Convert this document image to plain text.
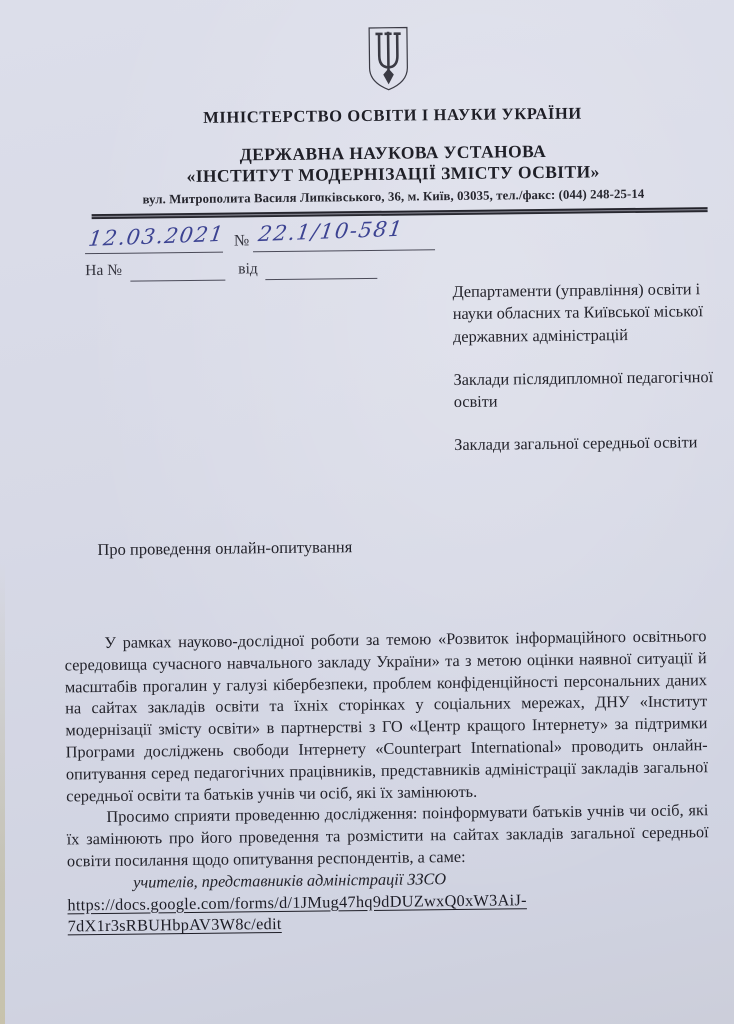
МІНІСТЕРСТВО ОСВІТИ І НАУКИ УКРАЇНИ
ДЕРЖАВНА НАУКОВА УСТАНОВА
«ІНСТИТУТ МОДЕРНІЗАЦІЇ ЗМІСТУ ОСВІТИ»
вул. Митрополита Василя Липківського, 36, м. Київ, 03035, тел./факс: (044) 248-25-14
12.03.2021 № 22.1/10-581
На №	від
Департаменти (управління) освіти і науки обласних та Київської міської державних адміністрацій
Заклади післядипломної педагогічної освіти
Заклади загальної середньої освіти
Про проведення онлайн-опитування

У рамках науково-дослідної роботи за темою «Розвиток інформаційного освітнього середовища сучасного навчального закладу України» та з метою оцінки наявної ситуації й масштабів прогалин у галузі кібербезпеки, проблем конфіденційності персональних даних на сайтах закладів освіти та їхніх сторінках у соціальних мережах, ДНУ «Інститут модернізації змісту освіти» в партнерстві з ГО «Центр кращого Інтернету» за підтримки Програми досліджень свободи Інтернету «Counterpart International» проводить онлайн-опитування серед педагогічних працівників, представників адміністрації закладів загальної середньої освіти та батьків учнів чи осіб, які їх замінюють.

Просимо сприяти проведенню дослідження: поінформувати батьків учнів чи осіб, які їх замінюють про його проведення та розмістити на сайтах закладів загальної середньої освіти посилання щодо опитування респондентів, а саме:

учителів, представників адміністрації ЗЗСО
https://docs.google.com/forms/d/1JMug47hq9dDUZwxQ0xW3AiJ-
7dX1r3sRBUHbpAV3W8c/edit
